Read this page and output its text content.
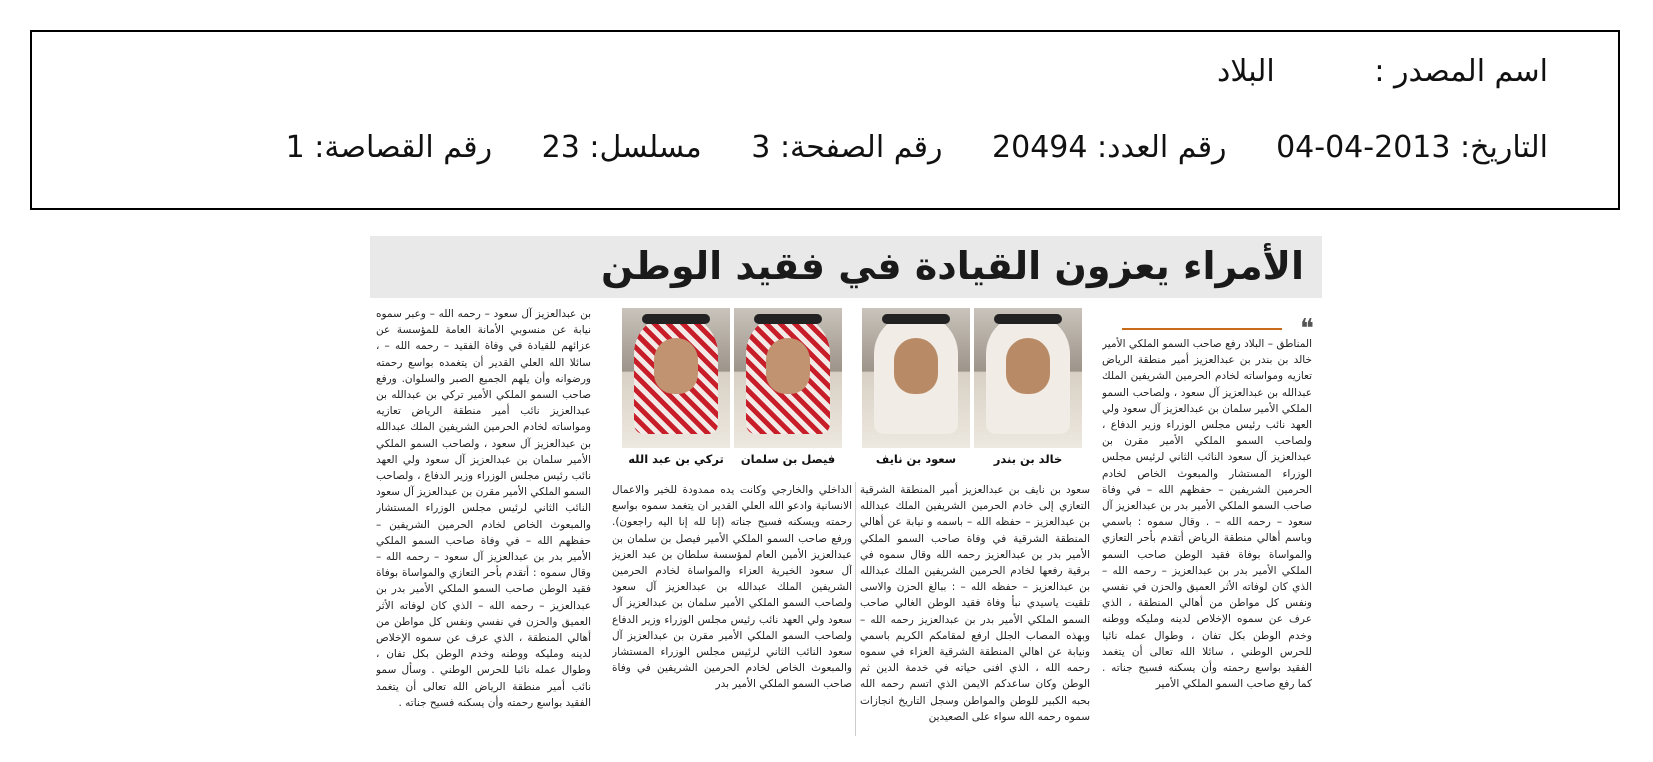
اسم المصدر : البلاد
التاريخ: 2013-04-04 رقم العدد: 20494 رقم الصفحة: 3 مسلسل: 23 رقم القصاصة: 1
الأمراء يعزون القيادة في فقيد الوطن
❝

المناطق – البلاد رفع صاحب السمو الملكي الأمير خالد بن بندر بن عبدالعزيز أمير منطقة الرياض تعازيه ومواساته لخادم الحرمين الشريفين الملك عبدالله بن عبدالعزيز آل سعود ، ولصاحب السمو الملكي الأمير سلمان بن عبدالعزيز آل سعود ولي العهد نائب رئيس مجلس الوزراء وزير الدفاع ، ولصاحب السمو الملكي الأمير مقرن بن عبدالعزيز آل سعود النائب الثاني لرئيس مجلس الوزراء المستشار والمبعوث الخاص لخادم الحرمين الشريفين – حفظهم الله – في وفاة صاحب السمو الملكي الأمير بدر بن عبدالعزيز آل سعود – رحمه الله – . وقال سموه : باسمي وباسم أهالي منطقة الرياض أتقدم بأحر التعازي والمواساة بوفاة فقيد الوطن صاحب السمو الملكي الأمير بدر بن عبدالعزيز – رحمه الله – الذي كان لوفاته الأثر العميق والحزن في نفسي ونفس كل مواطن من أهالي المنطقة ، الذي عرف عن سموه الإخلاص لدينه ومليكه ووطنه وخدم الوطن بكل تفان ، وطوال عمله نائبا للحرس الوطني ، سائلا الله تعالى أن يتغمد الفقيد بواسع رحمته وأن يسكنه فسيح جناته . كما رفع صاحب السمو الملكي الأمير

خالد بن بندر
سعود بن نايف
فيصل بن سلمان
تركي بن عبد الله

سعود بن نايف بن عبدالعزيز أمير المنطقة الشرقية التعازي إلى خادم الحرمين الشريفين الملك عبدالله بن عبدالعزيز – حفظه الله – باسمه و نيابة عن أهالي المنطقة الشرقية في وفاة صاحب السمو الملكي الأمير بدر بن عبدالعزيز رحمه الله وقال سموه في برقية رفعها لخادم الحرمين الشريفين الملك عبدالله بن عبدالعزيز – حفظه الله – : ببالغ الحزن والاسى تلقيت ياسيدي نبأ وفاة فقيد الوطن الغالي صاحب السمو الملكي الأمير بدر بن عبدالعزيز رحمه الله – وبهذه المصاب الجلل ارفع لمقامكم الكريم باسمي ونيابة عن اهالي المنطقة الشرقية العزاء في سموه رحمه الله ، الذي افنى حياته في خدمة الدين ثم الوطن وكان ساعدكم الايمن الذي اتسم رحمه الله بحبه الكبير للوطن والمواطن وسجل التاريخ انجازات سموه رحمه الله سواء على الصعيدين

الداخلي والخارجي وكانت يده ممدودة للخير والاعمال الانسانية وادعو الله العلي القدير ان يتغمد سموه بواسع رحمته ويسكنه فسيح جناته (إنا لله إنا اليه راجعون). ورفع صاحب السمو الملكي الأمير فيصل بن سلمان بن عبدالعزيز الأمين العام لمؤسسة سلطان بن عبد العزيز آل سعود الخيرية العزاء والمواساة لخادم الحرمين الشريفين الملك عبدالله بن عبدالعزيز آل سعود ولصاحب السمو الملكي الأمير سلمان بن عبدالعزيز آل سعود ولي العهد نائب رئيس مجلس الوزراء وزير الدفاع ولصاحب السمو الملكي الأمير مقرن بن عبدالعزيز آل سعود النائب الثاني لرئيس مجلس الوزراء المستشار والمبعوث الخاص لخادم الحرمين الشريفين في وفاة صاحب السمو الملكي الأمير بدر

بن عبدالعزيز آل سعود – رحمه الله – وعبر سموه نيابة عن منسوبي الأمانة العامة للمؤسسة عن عزائهم للقيادة في وفاة الفقيد – رحمه الله – ، سائلا الله العلي القدير أن يتغمده بواسع رحمته ورضوانه وأن يلهم الجميع الصبر والسلوان. ورفع صاحب السمو الملكي الأمير تركي بن عبدالله بن عبدالعزيز نائب أمير منطقة الرياض تعازيه ومواساته لخادم الحرمين الشريفين الملك عبدالله بن عبدالعزيز آل سعود ، ولصاحب السمو الملكي الأمير سلمان بن عبدالعزيز آل سعود ولي العهد نائب رئيس مجلس الوزراء وزير الدفاع ، ولصاحب السمو الملكي الأمير مقرن بن عبدالعزيز آل سعود النائب الثاني لرئيس مجلس الوزراء المستشار والمبعوث الخاص لخادم الحرمين الشريفين – حفظهم الله – في وفاة صاحب السمو الملكي الأمير بدر بن عبدالعزيز آل سعود – رحمه الله – وقال سموه : أتقدم بأحر التعازي والمواساة بوفاة فقيد الوطن صاحب السمو الملكي الأمير بدر بن عبدالعزيز – رحمه الله – الذي كان لوفاته الأثر العميق والحزن في نفسي ونفس كل مواطن من أهالي المنطقة ، الذي عرف عن سموه الإخلاص لدينه ومليكه ووطنه وخدم الوطن بكل تفان ، وطوال عمله نائبا للحرس الوطني . وسأل سمو نائب أمير منطقة الرياض الله تعالى أن يتغمد الفقيد بواسع رحمته وأن يسكنه فسيح جناته .
